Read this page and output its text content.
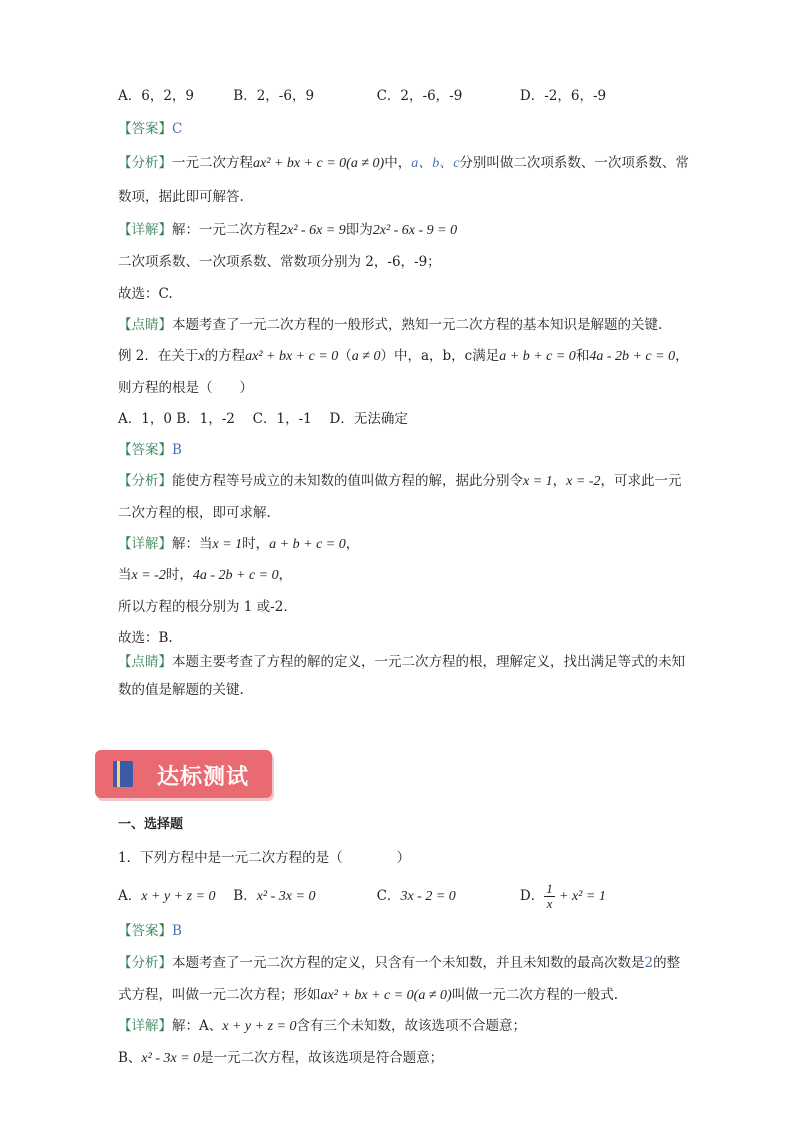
A．6，2，9	B．2，-6，9	C．2，-6，-9	D．-2，6，-9
【答案】C
【分析】一元二次方程ax² + bx + c = 0(a ≠ 0)中，a、b、c分别叫做二次项系数、一次项系数、常
数项，据此即可解答.
【详解】解：一元二次方程2x² - 6x = 9即为2x² - 6x - 9 = 0
二次项系数、一次项系数、常数项分别为 2，-6，-9；
故选：C.
【点睛】本题考查了一元二次方程的一般形式，熟知一元二次方程的基本知识是解题的关键.
例 2．在关于x的方程ax² + bx + c = 0（a ≠ 0）中，a，b，c满足a + b + c = 0和4a - 2b + c = 0，
则方程的根是（　　）
A．1，0 B．1，-2　 C．1，-1　 D．无法确定
【答案】B
【分析】能使方程等号成立的未知数的值叫做方程的解，据此分别令x = 1，x = -2，可求此一元
二次方程的根，即可求解.
【详解】解：当x = 1时，a + b + c = 0，
当x = -2时，4a - 2b + c = 0，
所以方程的根分别为 1 或-2．
故选：B.
【点睛】本题主要考查了方程的解的定义，一元二次方程的根，理解定义，找出满足等式的未知
数的值是解题的关键.
达标测试
一、选择题
1．下列方程中是一元二次方程的是（　　　　）
A．x + y + z = 0 B．x² - 3x = 0	C．3x - 2 = 0	D． $\frac{1}{x} + x^2 = 1$
【答案】B
【分析】本题考查了一元二次方程的定义，只含有一个未知数，并且未知数的最高次数是2的整
式方程，叫做一元二次方程；形如ax² + bx + c = 0(a ≠ 0)叫做一元二次方程的一般式.
【详解】解：A、x + y + z = 0含有三个未知数，故该选项不合题意；
B、x² - 3x = 0是一元二次方程，故该选项是符合题意；
